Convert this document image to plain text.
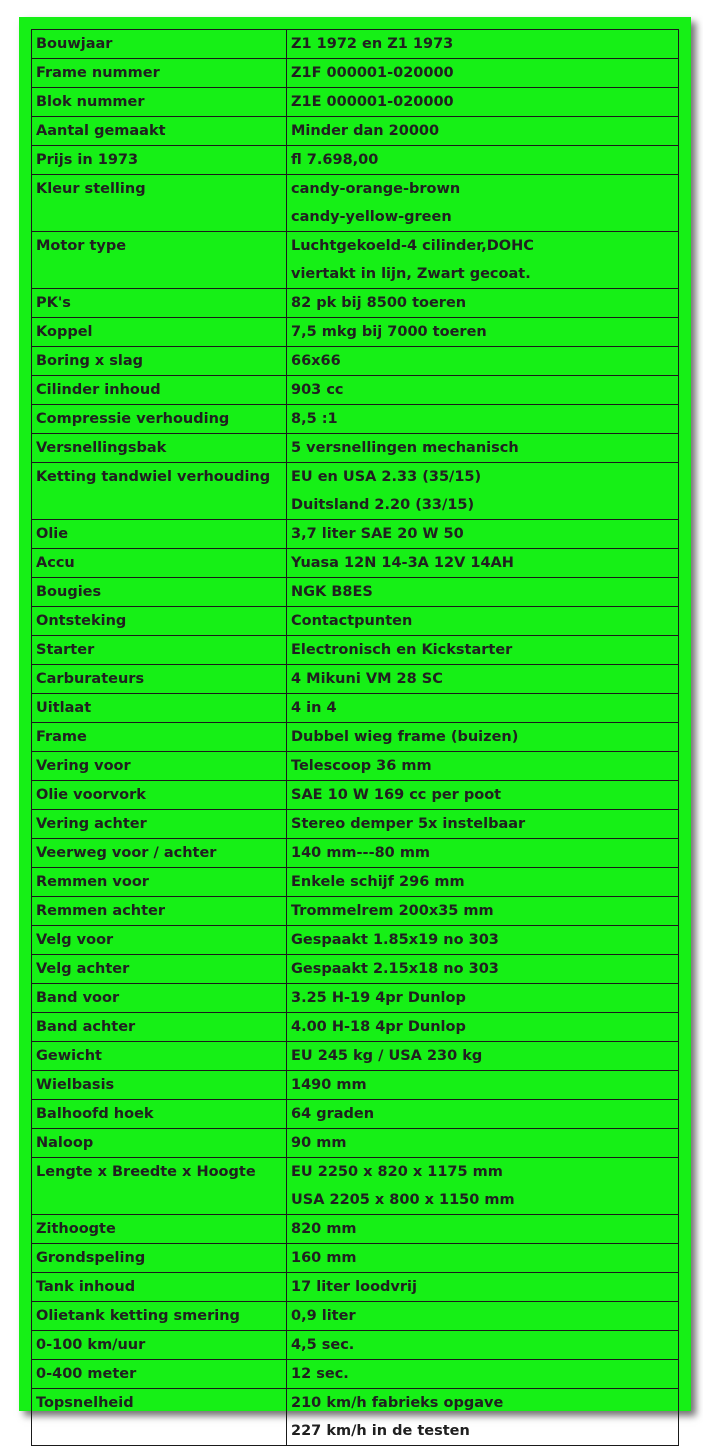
Bouwjaar	Z1 1972 en Z1 1973

Frame nummer	Z1F 000001-020000

Blok nummer	Z1E 000001-020000

Aantal gemaakt	Minder dan 20000

Prijs in 1973	fl 7.698,00

Kleur stelling	candy-orange-brown
candy-yellow-green

Motor type	Luchtgekoeld-4 cilinder,DOHC
viertakt in lijn, Zwart gecoat.

PK's	82 pk bij 8500 toeren

Koppel	7,5 mkg bij 7000 toeren

Boring x slag	66x66

Cilinder inhoud	903 cc

Compressie verhouding	8,5 :1

Versnellingsbak	5 versnellingen mechanisch

Ketting tandwiel verhouding	EU en USA 2.33 (35/15)
Duitsland 2.20 (33/15)

Olie	3,7 liter SAE 20 W 50

Accu	Yuasa 12N 14-3A 12V 14AH

Bougies	NGK B8ES

Ontsteking	Contactpunten

Starter	Electronisch en Kickstarter

Carburateurs	4 Mikuni VM 28 SC

Uitlaat	4 in 4

Frame	Dubbel wieg frame (buizen)

Vering voor	Telescoop 36 mm

Olie voorvork	SAE 10 W 169 cc per poot

Vering achter	Stereo demper 5x instelbaar

Veerweg voor / achter	140 mm---80 mm

Remmen voor	Enkele schijf 296 mm

Remmen achter	Trommelrem 200x35 mm

Velg voor	Gespaakt 1.85x19 no 303

Velg achter	Gespaakt 2.15x18 no 303

Band voor	3.25 H-19 4pr Dunlop

Band achter	4.00 H-18 4pr Dunlop

Gewicht	EU 245 kg / USA 230 kg

Wielbasis	1490 mm

Balhoofd hoek	64 graden

Naloop	90 mm

Lengte x Breedte x Hoogte	EU 2250 x 820 x 1175 mm
USA 2205 x 800 x 1150 mm

Zithoogte	820 mm

Grondspeling	160 mm

Tank inhoud	17 liter loodvrij

Olietank ketting smering	0,9 liter

0-100 km/uur	4,5 sec.

0-400 meter	12 sec.

Topsnelheid	210 km/h fabrieks opgave
227 km/h in de testen
